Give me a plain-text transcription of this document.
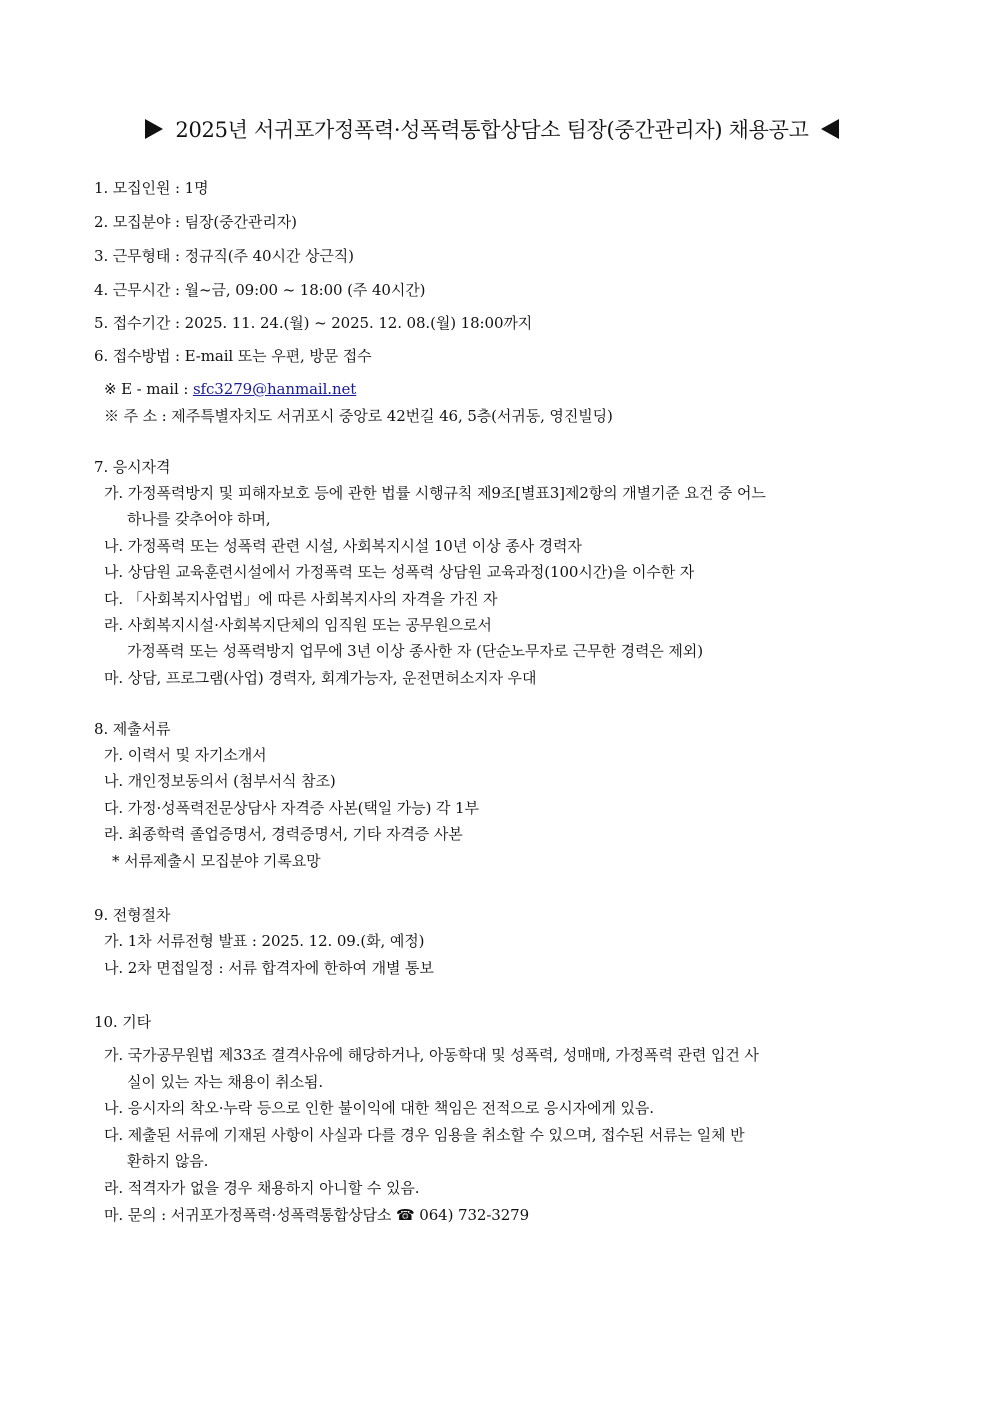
2025년 서귀포가정폭력·성폭력통합상담소 팀장(중간관리자) 채용공고
1. 모집인원 : 1명
2. 모집분야 : 팀장(중간관리자)
3. 근무형태 : 정규직(주 40시간 상근직)
4. 근무시간 : 월~금, 09:00 ~ 18:00 (주 40시간)
5. 접수기간 : 2025. 11. 24.(월) ~ 2025. 12. 08.(월) 18:00까지
6. 접수방법 : E-mail 또는 우편, 방문 접수
※ E - mail : sfc3279@hanmail.net
※ 주 소 : 제주특별자치도 서귀포시 중앙로 42번길 46, 5층(서귀동, 영진빌딩)
7. 응시자격
가. 가정폭력방지 및 피해자보호 등에 관한 법률 시행규칙 제9조[별표3]제2항의 개별기준 요건 중 어느
하나를 갖추어야 하며,
나. 가정폭력 또는 성폭력 관련 시설, 사회복지시설 10년 이상 종사 경력자
나. 상담원 교육훈련시설에서 가정폭력 또는 성폭력 상담원 교육과정(100시간)을 이수한 자
다. 「사회복지사업법」에 따른 사회복지사의 자격을 가진 자
라. 사회복지시설·사회복지단체의 임직원 또는 공무원으로서
가정폭력 또는 성폭력방지 업무에 3년 이상 종사한 자 (단순노무자로 근무한 경력은 제외)
마. 상담, 프로그램(사업) 경력자, 회계가능자, 운전면허소지자 우대
8. 제출서류
가. 이력서 및 자기소개서
나. 개인정보동의서 (첨부서식 참조)
다. 가정·성폭력전문상담사 자격증 사본(택일 가능) 각 1부
라. 최종학력 졸업증명서, 경력증명서, 기타 자격증 사본
* 서류제출시 모집분야 기록요망
9. 전형절차
가. 1차 서류전형 발표 : 2025. 12. 09.(화, 예정)
나. 2차 면접일정 : 서류 합격자에 한하여 개별 통보
10. 기타
가. 국가공무원법 제33조 결격사유에 해당하거나, 아동학대 및 성폭력, 성매매, 가정폭력 관련 입건 사
실이 있는 자는 채용이 취소됨.
나. 응시자의 착오·누락 등으로 인한 불이익에 대한 책임은 전적으로 응시자에게 있음.
다. 제출된 서류에 기재된 사항이 사실과 다를 경우 임용을 취소할 수 있으며, 접수된 서류는 일체 반
환하지 않음.
라. 적격자가 없을 경우 채용하지 아니할 수 있음.
마. 문의 : 서귀포가정폭력·성폭력통합상담소 ☎ 064) 732-3279
